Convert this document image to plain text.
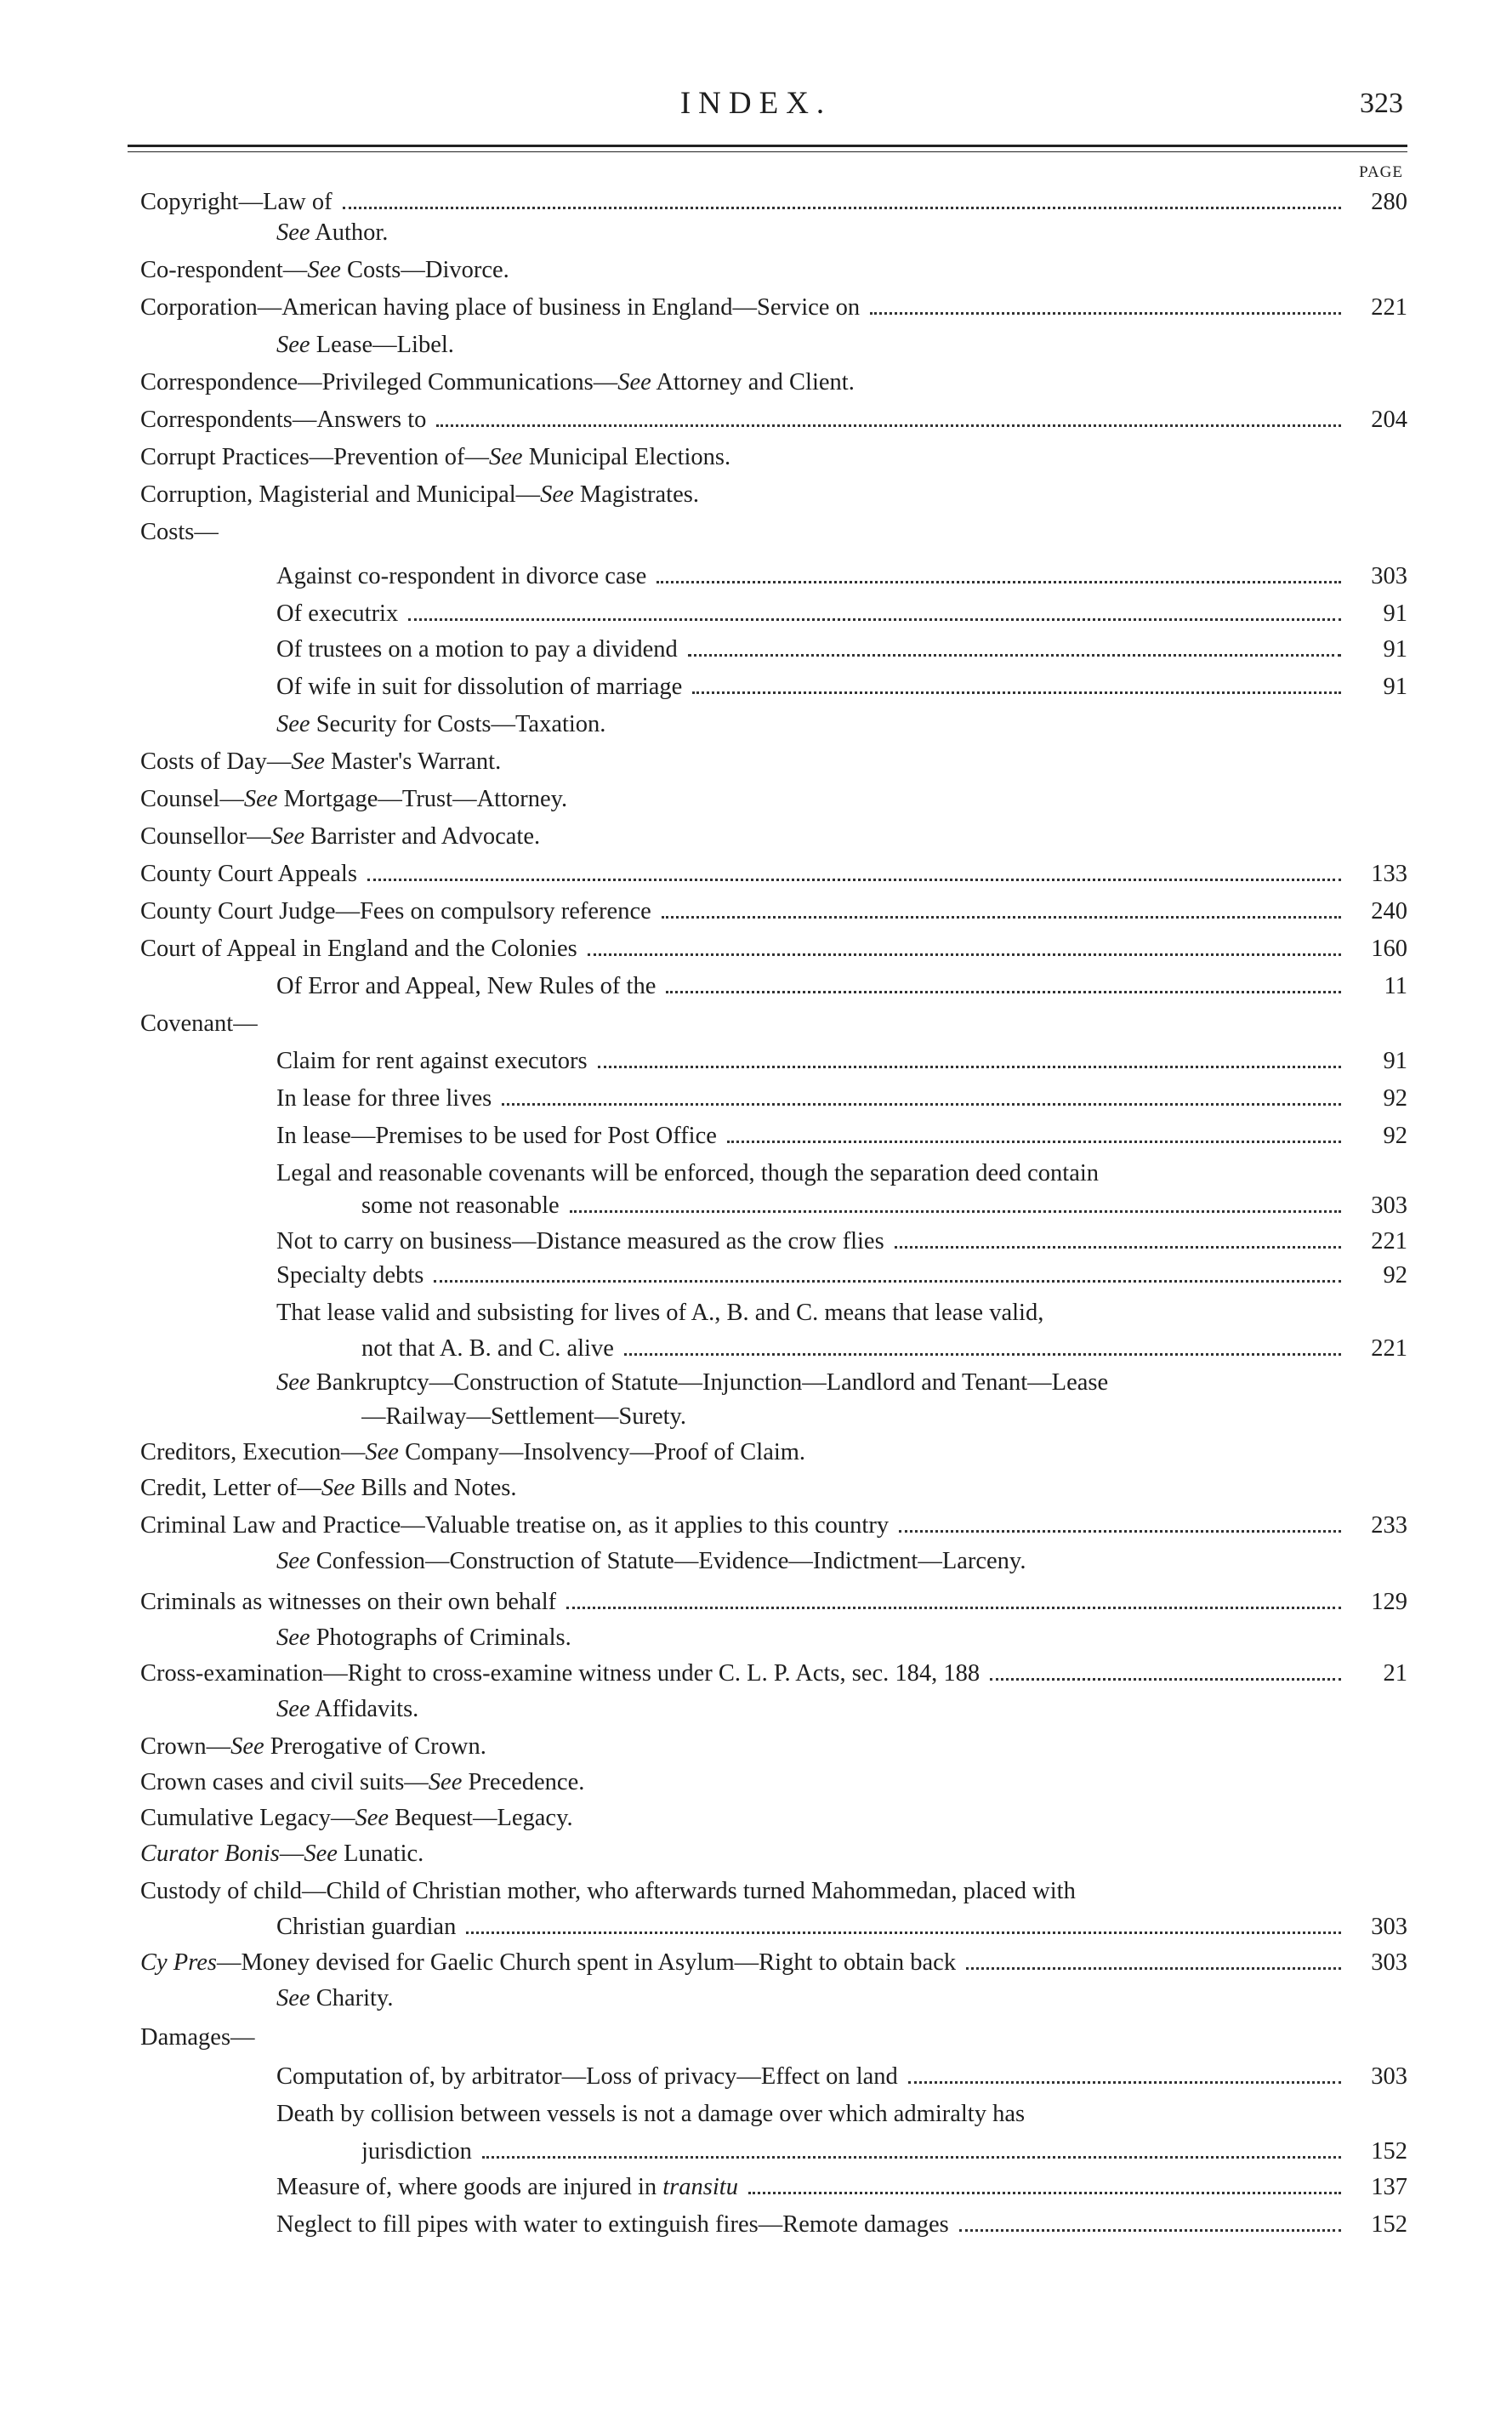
INDEX.	323
PAGE
Copyright—Law of	280
See Author.
Co-respondent—See Costs—Divorce.
Corporation—American having place of business in England—Service on	221
See Lease—Libel.
Correspondence—Privileged Communications—See Attorney and Client.
Correspondents—Answers to	204
Corrupt Practices—Prevention of—See Municipal Elections.
Corruption, Magisterial and Municipal—See Magistrates.
Costs—
Against co-respondent in divorce case	303
Of executrix	91
Of trustees on a motion to pay a dividend	91
Of wife in suit for dissolution of marriage	91
See Security for Costs—Taxation.
Costs of Day—See Master's Warrant.
Counsel—See Mortgage—Trust—Attorney.
Counsellor—See Barrister and Advocate.
County Court Appeals	133
County Court Judge—Fees on compulsory reference	240
Court of Appeal in England and the Colonies	160
Of Error and Appeal, New Rules of the	11
Covenant—
Claim for rent against executors	91
In lease for three lives	92
In lease—Premises to be used for Post Office	92
Legal and reasonable covenants will be enforced, though the separation deed contain
some not reasonable	303
Not to carry on business—Distance measured as the crow flies	221
Specialty debts	92
That lease valid and subsisting for lives of A., B. and C. means that lease valid,
not that A. B. and C. alive	221
See Bankruptcy—Construction of Statute—Injunction—Landlord and Tenant—Lease
—Railway—Settlement—Surety.
Creditors, Execution—See Company—Insolvency—Proof of Claim.
Credit, Letter of—See Bills and Notes.
Criminal Law and Practice—Valuable treatise on, as it applies to this country	233
See Confession—Construction of Statute—Evidence—Indictment—Larceny.
Criminals as witnesses on their own behalf	129
See Photographs of Criminals.
Cross-examination—Right to cross-examine witness under C. L. P. Acts, sec. 184, 188	21
See Affidavits.
Crown—See Prerogative of Crown.
Crown cases and civil suits—See Precedence.
Cumulative Legacy—See Bequest—Legacy.
Curator Bonis—See Lunatic.
Custody of child—Child of Christian mother, who afterwards turned Mahommedan, placed with
Christian guardian	303
Cy Pres—Money devised for Gaelic Church spent in Asylum—Right to obtain back	303
See Charity.
Damages—
Computation of, by arbitrator—Loss of privacy—Effect on land	303
Death by collision between vessels is not a damage over which admiralty has
jurisdiction	152
Measure of, where goods are injured in transitu	137
Neglect to fill pipes with water to extinguish fires—Remote damages	152
